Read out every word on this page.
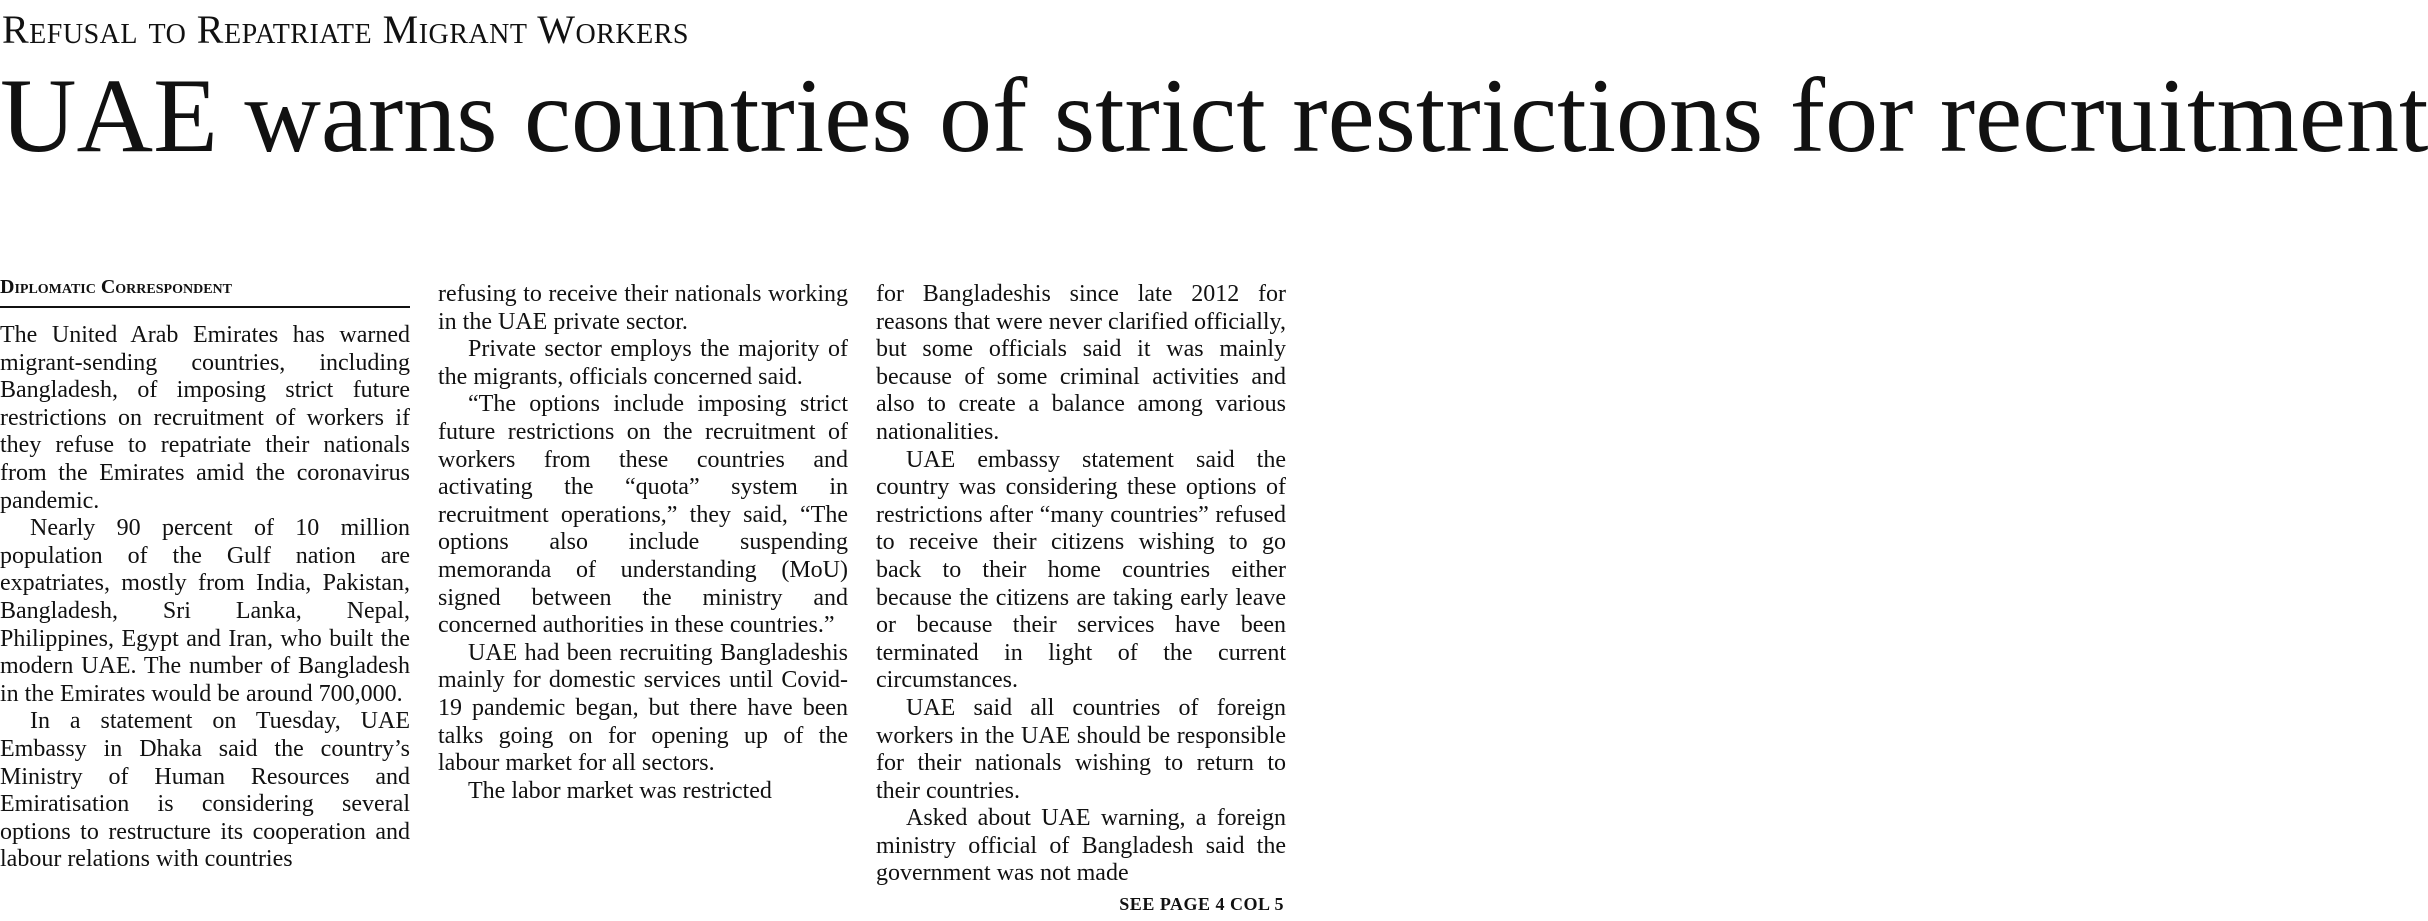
Refusal to Repatriate Migrant Workers
UAE warns countries of strict restrictions for recruitment
Diplomatic Correspondent

The United Arab Emirates has warned migrant-sending countries, including Bangladesh, of imposing strict future restrictions on recruitment of workers if they refuse to repatriate their nationals from the Emirates amid the coronavirus pandemic.

Nearly 90 percent of 10 million population of the Gulf nation are expatriates, mostly from India, Pakistan, Bangladesh, Sri Lanka, Nepal, Philippines, Egypt and Iran, who built the modern UAE. The number of Bangladesh in the Emirates would be around 700,000.

In a statement on Tuesday, UAE Embassy in Dhaka said the country’s Ministry of Human Resources and Emiratisation is considering several options to restructure its cooperation and labour relations with countries

refusing to receive their nationals working in the UAE private sector.

Private sector employs the majority of the migrants, officials concerned said.

“The options include imposing strict future restrictions on the recruitment of workers from these countries and activating the “quota” system in recruitment operations,” they said, “The options also include suspending memoranda of understanding (MoU) signed between the ministry and concerned authorities in these countries.”

UAE had been recruiting Bangladeshis mainly for domestic services until Covid-19 pandemic began, but there have been talks going on for opening up of the labour market for all sectors.

The labor market was restricted

for Bangladeshis since late 2012 for reasons that were never clarified officially, but some officials said it was mainly because of some criminal activities and also to create a balance among various nationalities.

UAE embassy statement said the country was considering these options of restrictions after “many countries” refused to receive their citizens wishing to go back to their home countries either because the citizens are taking early leave or because their services have been terminated in light of the current circumstances.

UAE said all countries of foreign workers in the UAE should be responsible for their nationals wishing to return to their countries.

Asked about UAE warning, a foreign ministry official of Bangladesh said the government was not made

SEE PAGE 4 COL 5
